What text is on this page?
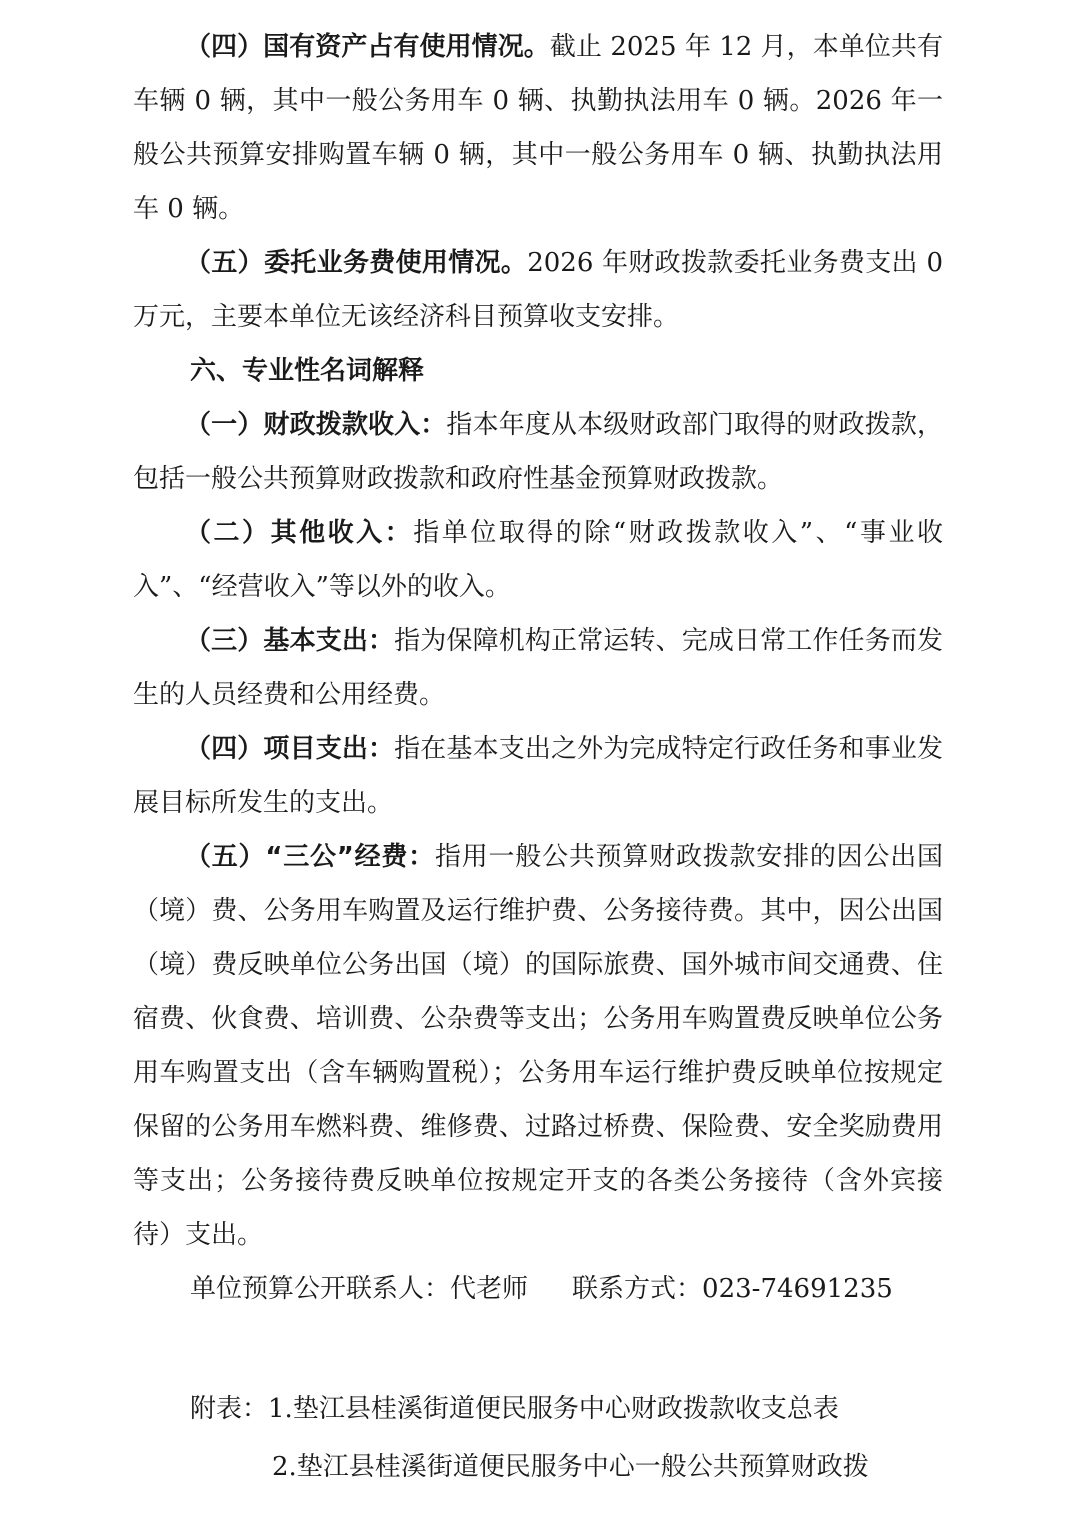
（四）国有资产占有使用情况。截止 2025 年 12 月，本单位共有车辆 0 辆，其中一般公务用车 0 辆、执勤执法用车 0 辆。2026 年一般公共预算安排购置车辆 0 辆，其中一般公务用车 0 辆、执勤执法用车 0 辆。

（五）委托业务费使用情况。2026 年财政拨款委托业务费支出 0 万元，主要本单位无该经济科目预算收支安排。

六、专业性名词解释

（一）财政拨款收入：指本年度从本级财政部门取得的财政拨款，包括一般公共预算财政拨款和政府性基金预算财政拨款。

（二）其他收入：指单位取得的除“财政拨款收入”、“事业收入”、“经营收入”等以外的收入。

（三）基本支出：指为保障机构正常运转、完成日常工作任务而发生的人员经费和公用经费。

（四）项目支出：指在基本支出之外为完成特定行政任务和事业发展目标所发生的支出。

（五）“三公”经费：指用一般公共预算财政拨款安排的因公出国（境）费、公务用车购置及运行维护费、公务接待费。其中，因公出国（境）费反映单位公务出国（境）的国际旅费、国外城市间交通费、住宿费、伙食费、培训费、公杂费等支出；公务用车购置费反映单位公务用车购置支出（含车辆购置税）；公务用车运行维护费反映单位按规定保留的公务用车燃料费、维修费、过路过桥费、保险费、安全奖励费用等支出；公务接待费反映单位按规定开支的各类公务接待（含外宾接待）支出。

单位预算公开联系人：代老师 联系方式：023-74691235

附表：1.垫江县桂溪街道便民服务中心财政拨款收支总表

2.垫江县桂溪街道便民服务中心一般公共预算财政拨
